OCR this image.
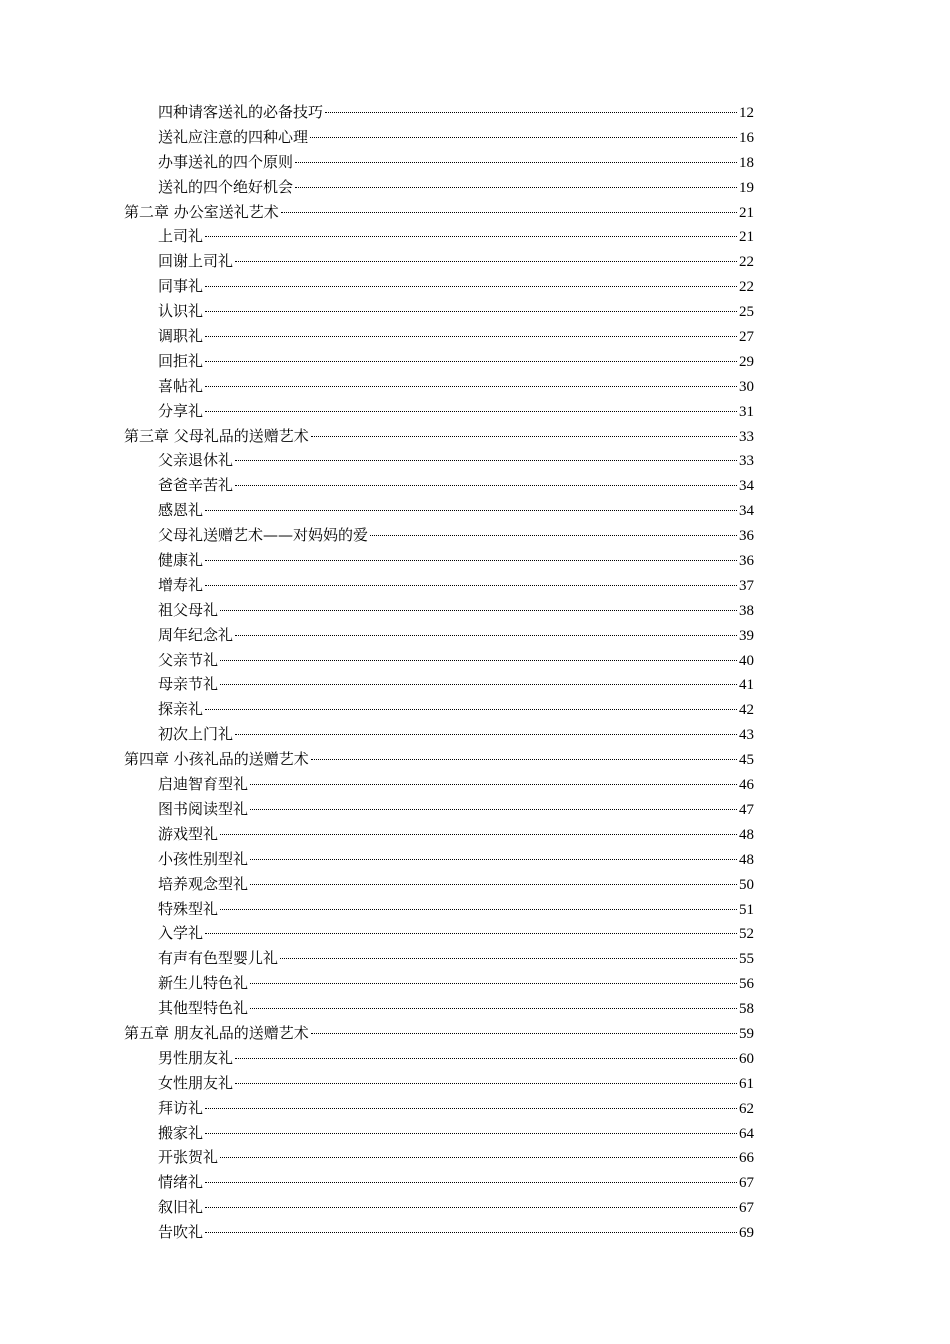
四种请客送礼的必备技巧	12
送礼应注意的四种心理	16
办事送礼的四个原则	18
送礼的四个绝好机会	19
第二章 办公室送礼艺术	21
上司礼	21
回谢上司礼	22
同事礼	22
认识礼	25
调职礼	27
回拒礼	29
喜帖礼	30
分享礼	31
第三章 父母礼品的送赠艺术	33
父亲退休礼	33
爸爸辛苦礼	34
感恩礼	34
父母礼送赠艺术——对妈妈的爱	36
健康礼	36
增寿礼	37
祖父母礼	38
周年纪念礼	39
父亲节礼	40
母亲节礼	41
探亲礼	42
初次上门礼	43
第四章 小孩礼品的送赠艺术	45
启迪智育型礼	46
图书阅读型礼	47
游戏型礼	48
小孩性别型礼	48
培养观念型礼	50
特殊型礼	51
入学礼	52
有声有色型婴儿礼	55
新生儿特色礼	56
其他型特色礼	58
第五章 朋友礼品的送赠艺术	59
男性朋友礼	60
女性朋友礼	61
拜访礼	62
搬家礼	64
开张贺礼	66
情绪礼	67
叙旧礼	67
告吹礼	69
